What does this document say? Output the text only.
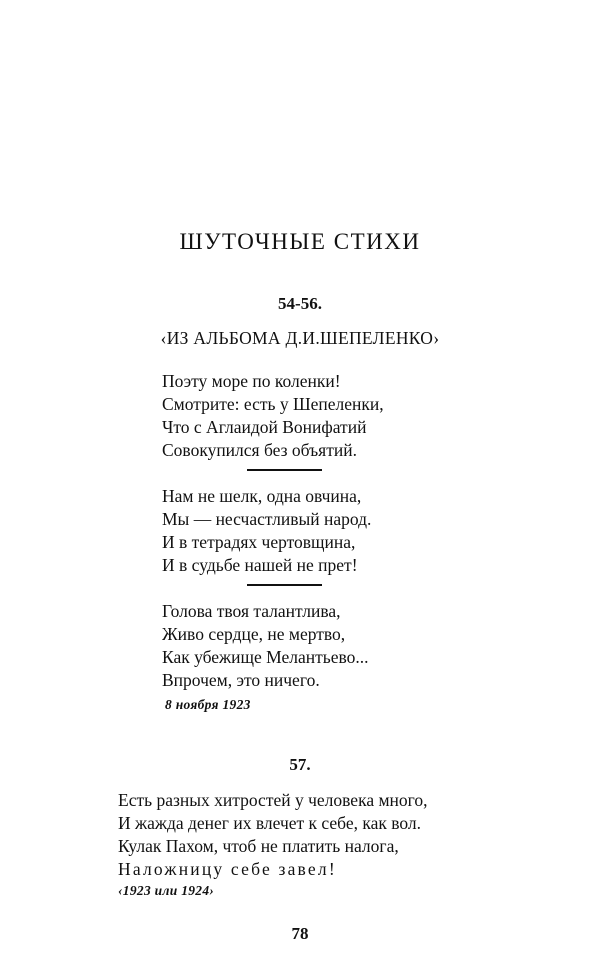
ШУТОЧНЫЕ СТИХИ
54-56.
‹ИЗ АЛЬБОМА Д.И.ШЕПЕЛЕНКО›
Поэту море по коленки!
Смотрите: есть у Шепеленки,
Что с Аглаидой Вонифатий
Совокупился без объятий.
Нам не шелк, одна овчина,
Мы — несчастливый народ.
И в тетрадях чертовщина,
И в судьбе нашей не прет!
Голова твоя талантлива,
Живо сердце, не мертво,
Как убежище Мелантьево...
Впрочем, это ничего.
8 ноября 1923
57.
Есть разных хитростей у человека много,
И жажда денег их влечет к себе, как вол.
Кулак Пахом, чтоб не платить налога,
Наложницу себе завел!
‹1923 или 1924›
78
